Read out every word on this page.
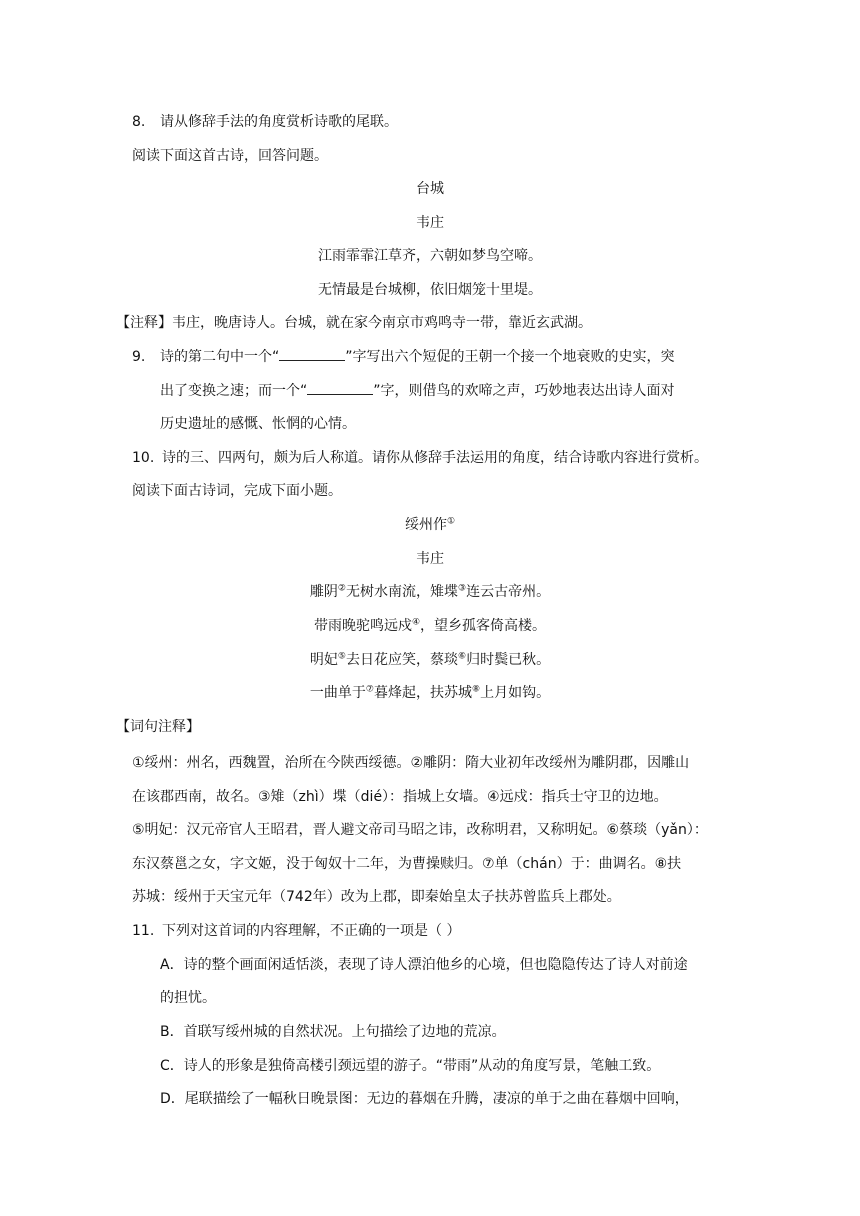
8. 请从修辞手法的角度赏析诗歌的尾联。
阅读下面这首古诗，回答问题。
台城
韦庄
江雨霏霏江草齐，六朝如梦鸟空啼。
无情最是台城柳，依旧烟笼十里堤。
【注释】韦庄，晚唐诗人。台城，就在家今南京市鸡鸣寺一带，靠近玄武湖。
9. 诗的第二句中一个“	”字写出六个短促的王朝一个接一个地衰败的史实，突
出了变换之速；而一个“	”字，则借鸟的欢啼之声，巧妙地表达出诗人面对
历史遗址的感慨、怅惘的心情。
10. 诗的三、四两句，颇为后人称道。请你从修辞手法运用的角度，结合诗歌内容进行赏析。
阅读下面古诗词，完成下面小题。
绥州作①
韦庄
雕阴②无树水南流，雉堞③连云古帝州。
带雨晚驼鸣远戍④，望乡孤客倚高楼。
明妃⑤去日花应笑，蔡琰⑥归时鬓已秋。
一曲单于⑦暮烽起，扶苏城⑧上月如钩。
【词句注释】
①绥州：州名，西魏置，治所在今陕西绥德。②雕阴：隋大业初年改绥州为雕阴郡，因雕山
在该郡西南，故名。③雉（zhì）堞（dié）：指城上女墙。④远戍：指兵士守卫的边地。
⑤明妃：汉元帝官人王昭君，晋人避文帝司马昭之讳，改称明君，又称明妃。⑥蔡琰（yǎn）：
东汉蔡邕之女，字文姬，没于匈奴十二年，为曹操赎归。⑦单（chán）于：曲调名。⑧扶
苏城：绥州于天宝元年（742年）改为上郡，即秦始皇太子扶苏曾监兵上郡处。
11. 下列对这首词的内容理解，不正确的一项是（ ）
A．诗的整个画面闲适恬淡，表现了诗人漂泊他乡的心境，但也隐隐传达了诗人对前途
的担忧。
B．首联写绥州城的自然状况。上句描绘了边地的荒凉。
C．诗人的形象是独倚高楼引颈远望的游子。“带雨”从动的角度写景，笔触工致。
D．尾联描绘了一幅秋日晚景图：无边的暮烟在升腾，凄凉的单于之曲在暮烟中回响，
